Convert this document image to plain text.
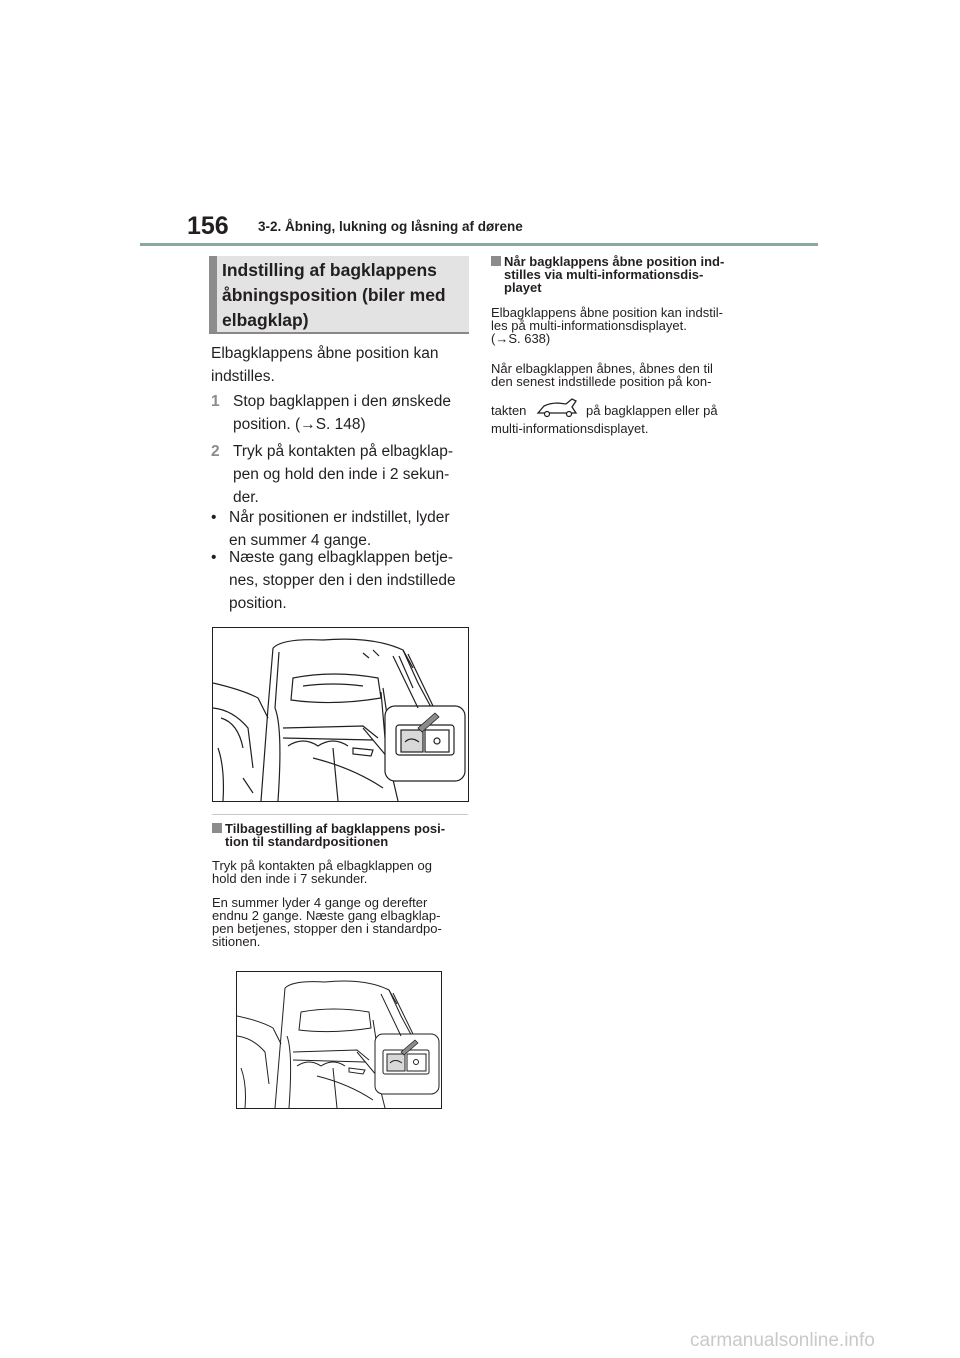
156 3-2. Åbning, lukning og låsning af dørene
Indstilling af bagklappens
åbningsposition (biler med
elbagklap)
Elbagklappens åbne position kan
indstilles.
1 Stop bagklappen i den ønskede
position. (→S. 148)
2 Tryk på kontakten på elbagklap-
pen og hold den inde i 2 sekun-
der.
• Når positionen er indstillet, lyder
en summer 4 gange.
• Næste gang elbagklappen betje-
nes, stopper den i den indstillede
position.
Tilbagestilling af bagklappens posi-
tion til standardpositionen
Tryk på kontakten på elbagklappen og
hold den inde i 7 sekunder.
En summer lyder 4 gange og derefter
endnu 2 gange. Næste gang elbagklap-
pen betjenes, stopper den i standardpo-
sitionen.
Når bagklappens åbne position ind-
stilles via multi-informationsdis-
playet
Elbagklappens åbne position kan indstil-
les på multi-informationsdisplayet.
(→S. 638)
Når elbagklappen åbnes, åbnes den til
den senest indstillede position på kon-
takten	på bagklappen eller på
multi-informationsdisplayet.
carmanualsonline.info
